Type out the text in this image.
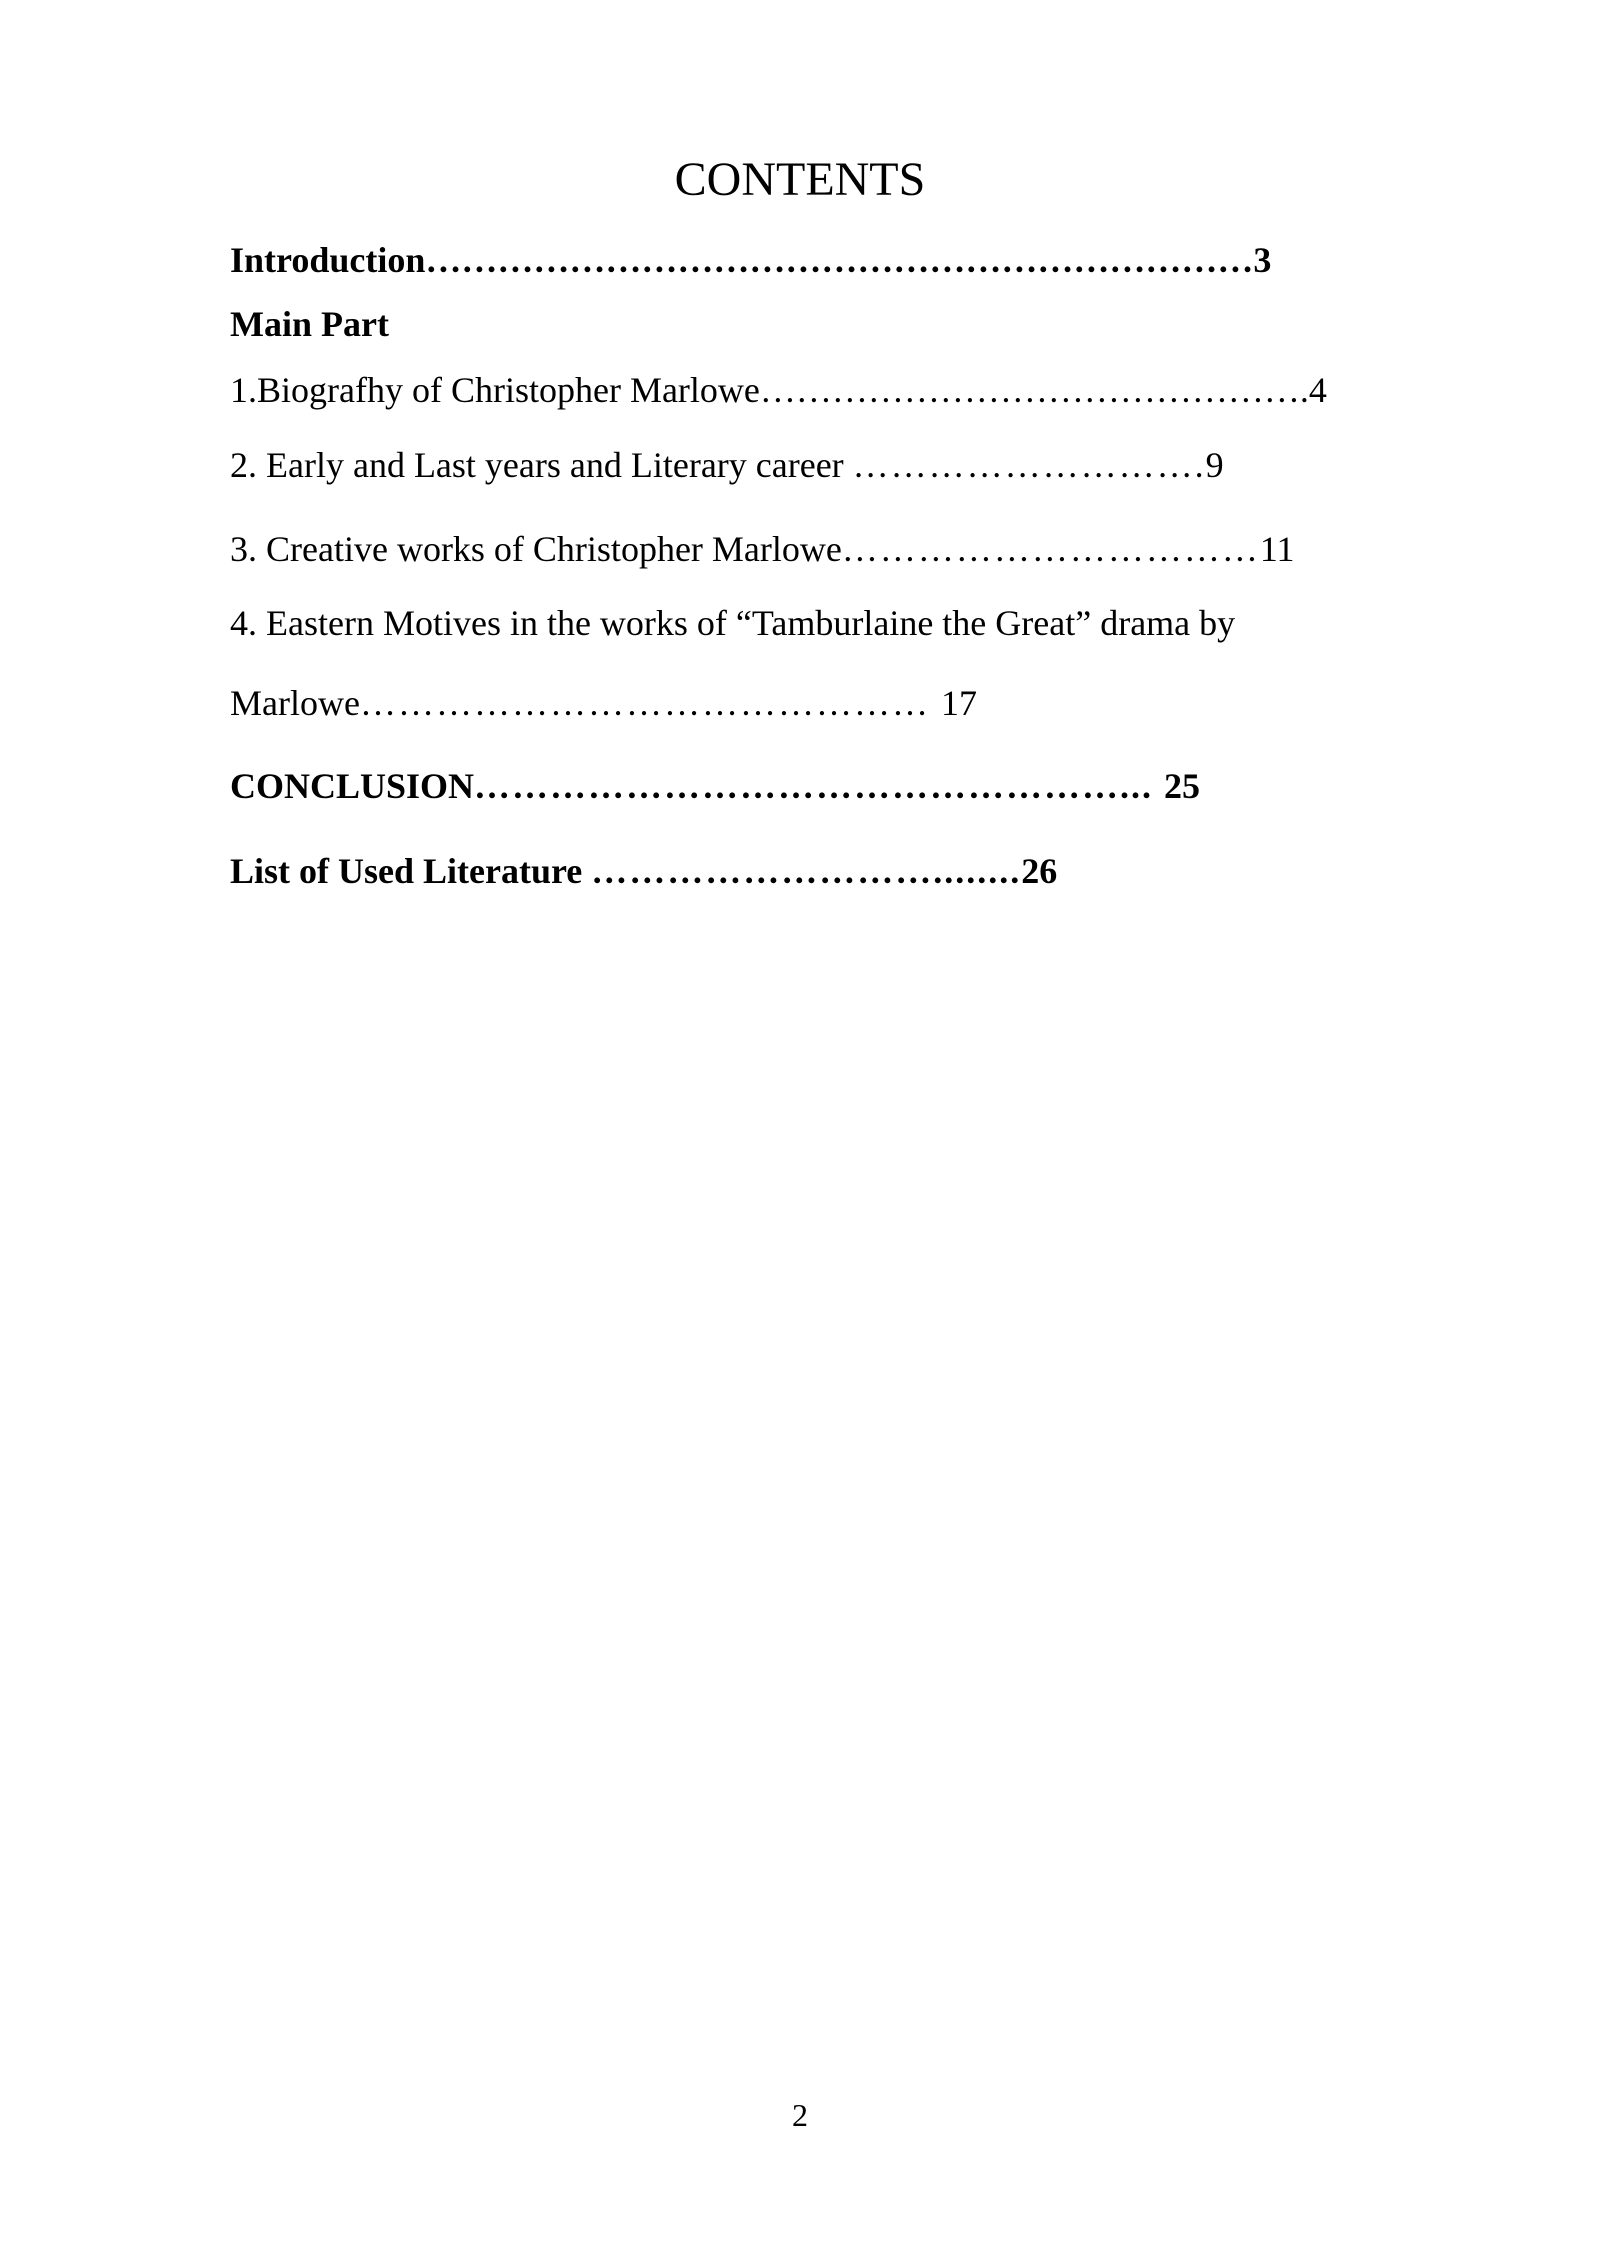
CONTENTS
Introduction……………………………………………………………3
Main Part
1.Biografhy of Christopher Marlowe……………………………………….4
2. Early and Last years and Literary career ……………………….9
3. Creative works of Christopher Marlowe……………………………11
4. Eastern Motives in the works of “Tamburlaine the Great” drama by
Marlowe……………………………………… 17
CONCLUSION……………………………………………... 25
List of Used Literature ………………………........26
2
